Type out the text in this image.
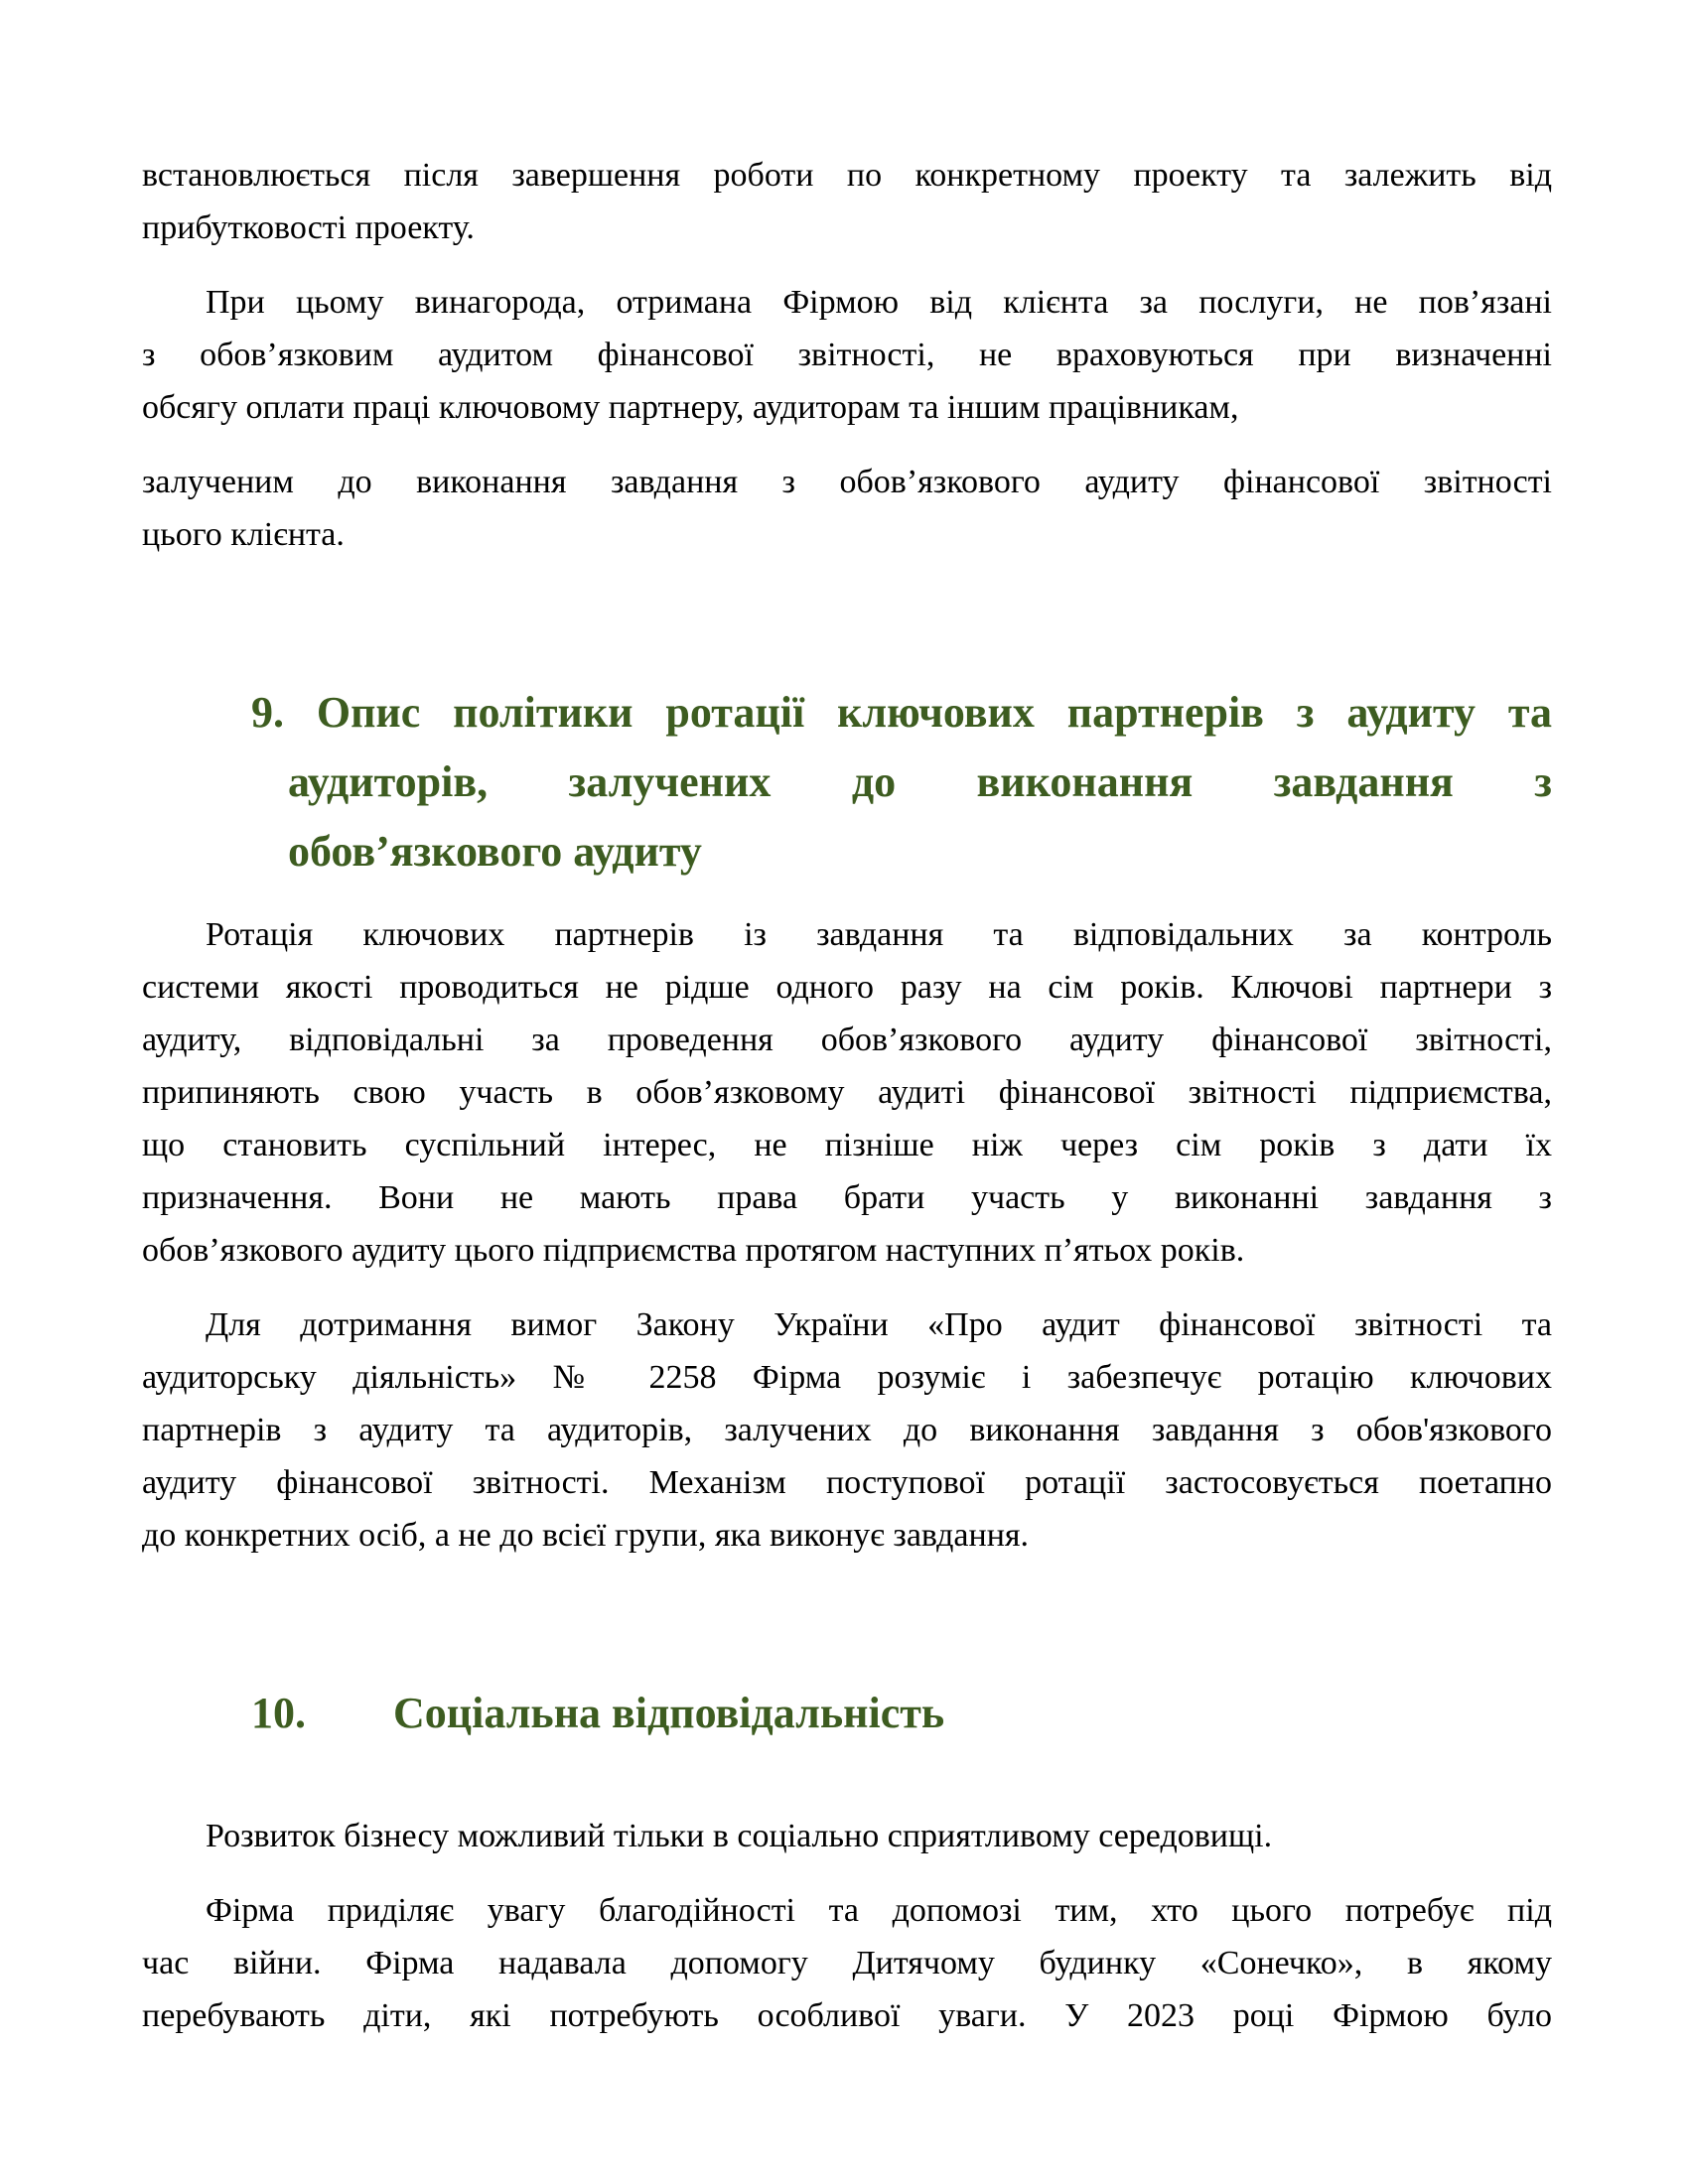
встановлюється після завершення роботи по конкретному проекту та залежить від
прибутковості проекту.
При цьому винагорода, отримана Фірмою від клієнта за послуги, не пов’язані
з обов’язковим аудитом фінансової звітності, не враховуються при визначенні
обсягу оплати праці ключовому партнеру, аудиторам та іншим працівникам,
залученим до виконання завдання з обов’язкового аудиту фінансової звітності
цього клієнта.
9. Опис політики ротації ключових партнерів з аудиту та
аудиторів, залучених до виконання завдання з
обов’язкового аудиту
Ротація ключових партнерів із завдання та відповідальних за контроль
системи якості проводиться не рідше одного разу на сім років. Ключові партнери з
аудиту, відповідальні за проведення обов’язкового аудиту фінансової звітності,
припиняють свою участь в обов’язковому аудиті фінансової звітності підприємства,
що становить суспільний інтерес, не пізніше ніж через сім років з дати їх
призначення. Вони не мають права брати участь у виконанні завдання з
обов’язкового аудиту цього підприємства протягом наступних п’ятьох років.
Для дотримання вимог Закону України «Про аудит фінансової звітності та
аудиторську діяльність» № 2258 Фірма розуміє і забезпечує ротацію ключових
партнерів з аудиту та аудиторів, залучених до виконання завдання з обов'язкового
аудиту фінансової звітності. Механізм поступової ротації застосовується поетапно
до конкретних осіб, а не до всієї групи, яка виконує завдання.
10.  Соціальна відповідальність
Розвиток бізнесу можливий тільки в соціально сприятливому середовищі.
Фірма приділяє увагу благодійності та допомозі тим, хто цього потребує під
час війни. Фірма надавала допомогу Дитячому будинку «Сонечко», в якому
перебувають діти, які потребують особливої уваги. У 2023 році Фірмою було
